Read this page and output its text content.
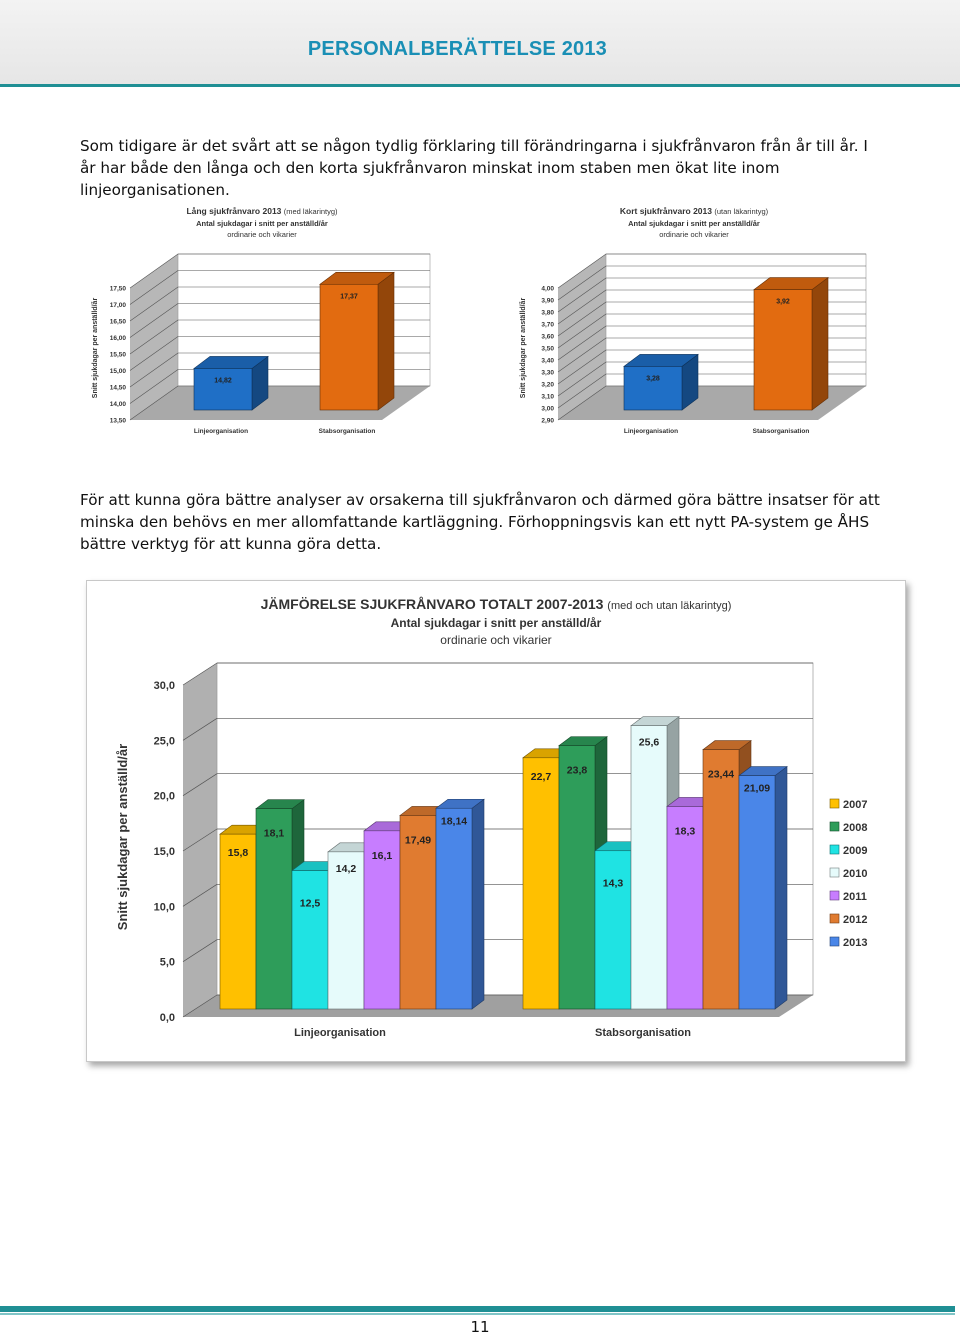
PERSONALBERÄTTELSE 2013

Som tidigare är det svårt att se någon tydlig förklaring till förändringarna i sjukfrånvaron från år till år. I år har både den långa och den korta sjukfrånvaron minskat inom staben men ökat lite inom linjeorganisationen.

Lång sjukfrånvaro 2013 (med läkarintyg)
Antal sjukdagar i snitt per anställd/år
ordinarie och vikarier
13,50
14,00
14,50
15,00
15,50
16,00
16,50
17,00
17,50
Snitt sjukdagar per anställd/år	14,82
Linjeorganisation
17,37
Stabsorganisation
Kort sjukfrånvaro 2013 (utan läkarintyg)
Antal sjukdagar i snitt per anställd/år
ordinarie och vikarier
2,90
3,00
3,10
3,20
3,30
3,40
3,50
3,60
3,70
3,80
3,90
4,00
Snitt sjukdagar per anställd/år	3,28
Linjeorganisation
3,92
Stabsorganisation

För att kunna göra bättre analyser av orsakerna till sjukfrånvaron och därmed göra bättre insatser för att minska den behövs en mer allomfattande kartläggning. Förhoppningsvis kan ett nytt PA-system ge ÅHS bättre verktyg för att kunna göra detta.

JÄMFÖRELSE SJUKFRÅNVARO TOTALT 2007-2013 (med och utan läkarintyg)
Antal sjukdagar i snitt per anställd/år
ordinarie och vikarier
0,0
5,0
10,0
15,0
20,0
25,0
30,0
Snitt sjukdagar per anställd/år	15,8
18,1
12,5
14,2
16,1
17,49
18,14
Linjeorganisation
22,7
23,8
14,3
25,6
18,3
23,44
21,09
Stabsorganisation
2007
2008
2009
2010
2011
2012
2013
11
